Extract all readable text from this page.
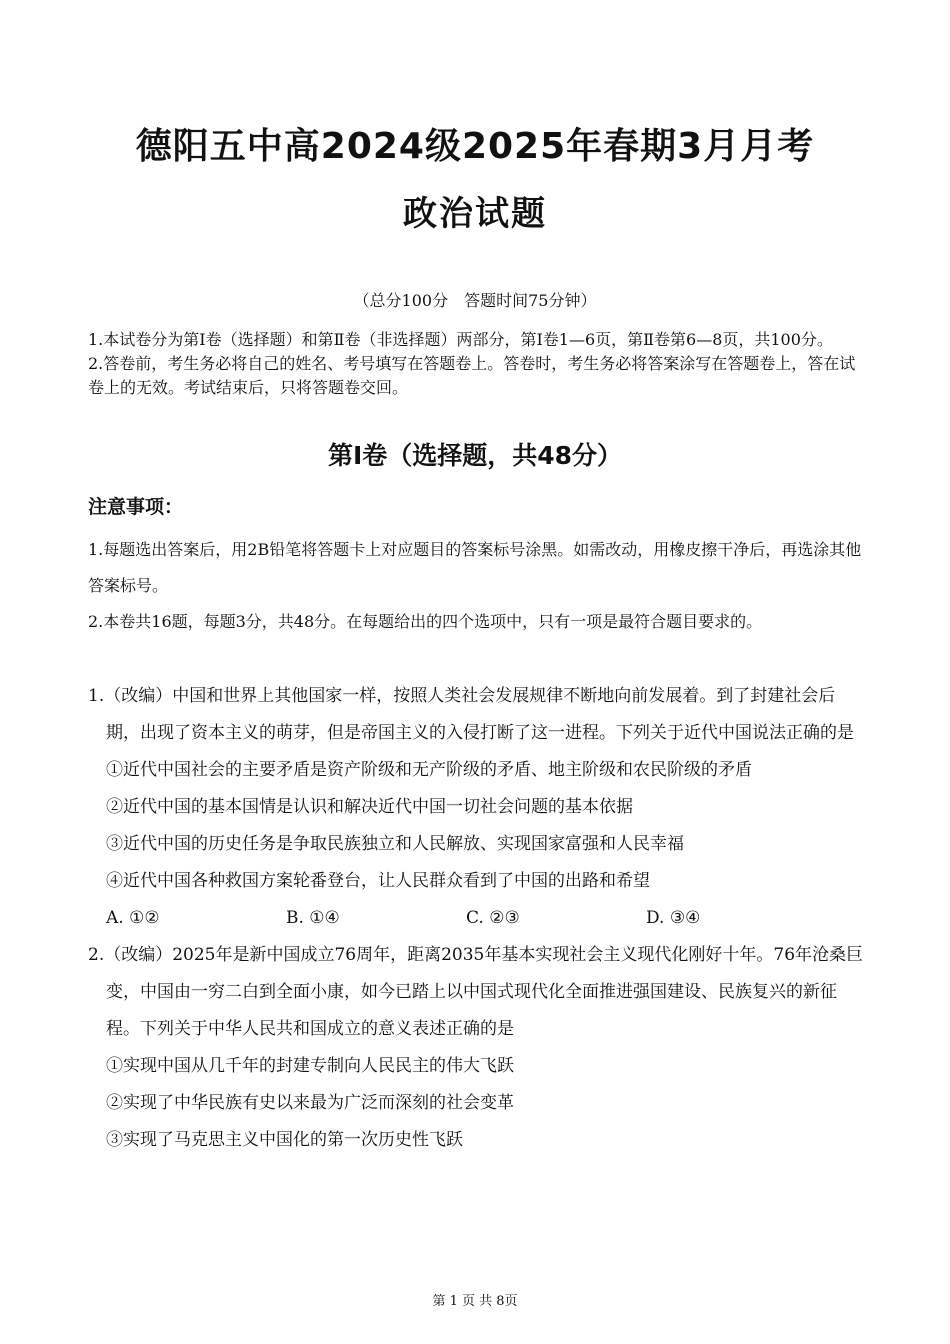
德阳五中高2024级2025年春期3月月考
政治试题
（总分100分　答题时间75分钟）

1.本试卷分为第Ⅰ卷（选择题）和第Ⅱ卷（非选择题）两部分，第Ⅰ卷1—6页，第Ⅱ卷第6—8页，共100分。

2.答卷前，考生务必将自己的姓名、考号填写在答题卷上。答卷时，考生务必将答案涂写在答题卷上，答在试卷上的无效。考试结束后，只将答题卷交回。

第Ⅰ卷（选择题，共48分）
注意事项：

1.每题选出答案后，用2B铅笔将答题卡上对应题目的答案标号涂黑。如需改动，用橡皮擦干净后，再选涂其他答案标号。

2.本卷共16题，每题3分，共48分。在每题给出的四个选项中，只有一项是最符合题目要求的。

1.（改编）中国和世界上其他国家一样，按照人类社会发展规律不断地向前发展着。到了封建社会后期，出现了资本主义的萌芽，但是帝国主义的入侵打断了这一进程。下列关于近代中国说法正确的是

①近代中国社会的主要矛盾是资产阶级和无产阶级的矛盾、地主阶级和农民阶级的矛盾

②近代中国的基本国情是认识和解决近代中国一切社会问题的基本依据

③近代中国的历史任务是争取民族独立和人民解放、实现国家富强和人民幸福

④近代中国各种救国方案轮番登台，让人民群众看到了中国的出路和希望

A. ①②	B. ①④	C. ②③	D. ③④

2.（改编）2025年是新中国成立76周年，距离2035年基本实现社会主义现代化刚好十年。76年沧桑巨变，中国由一穷二白到全面小康，如今已踏上以中国式现代化全面推进强国建设、民族复兴的新征程。下列关于中华人民共和国成立的意义表述正确的是

①实现中国从几千年的封建专制向人民民主的伟大飞跃

②实现了中华民族有史以来最为广泛而深刻的社会变革

③实现了马克思主义中国化的第一次历史性飞跃

第 1 页 共 8页
